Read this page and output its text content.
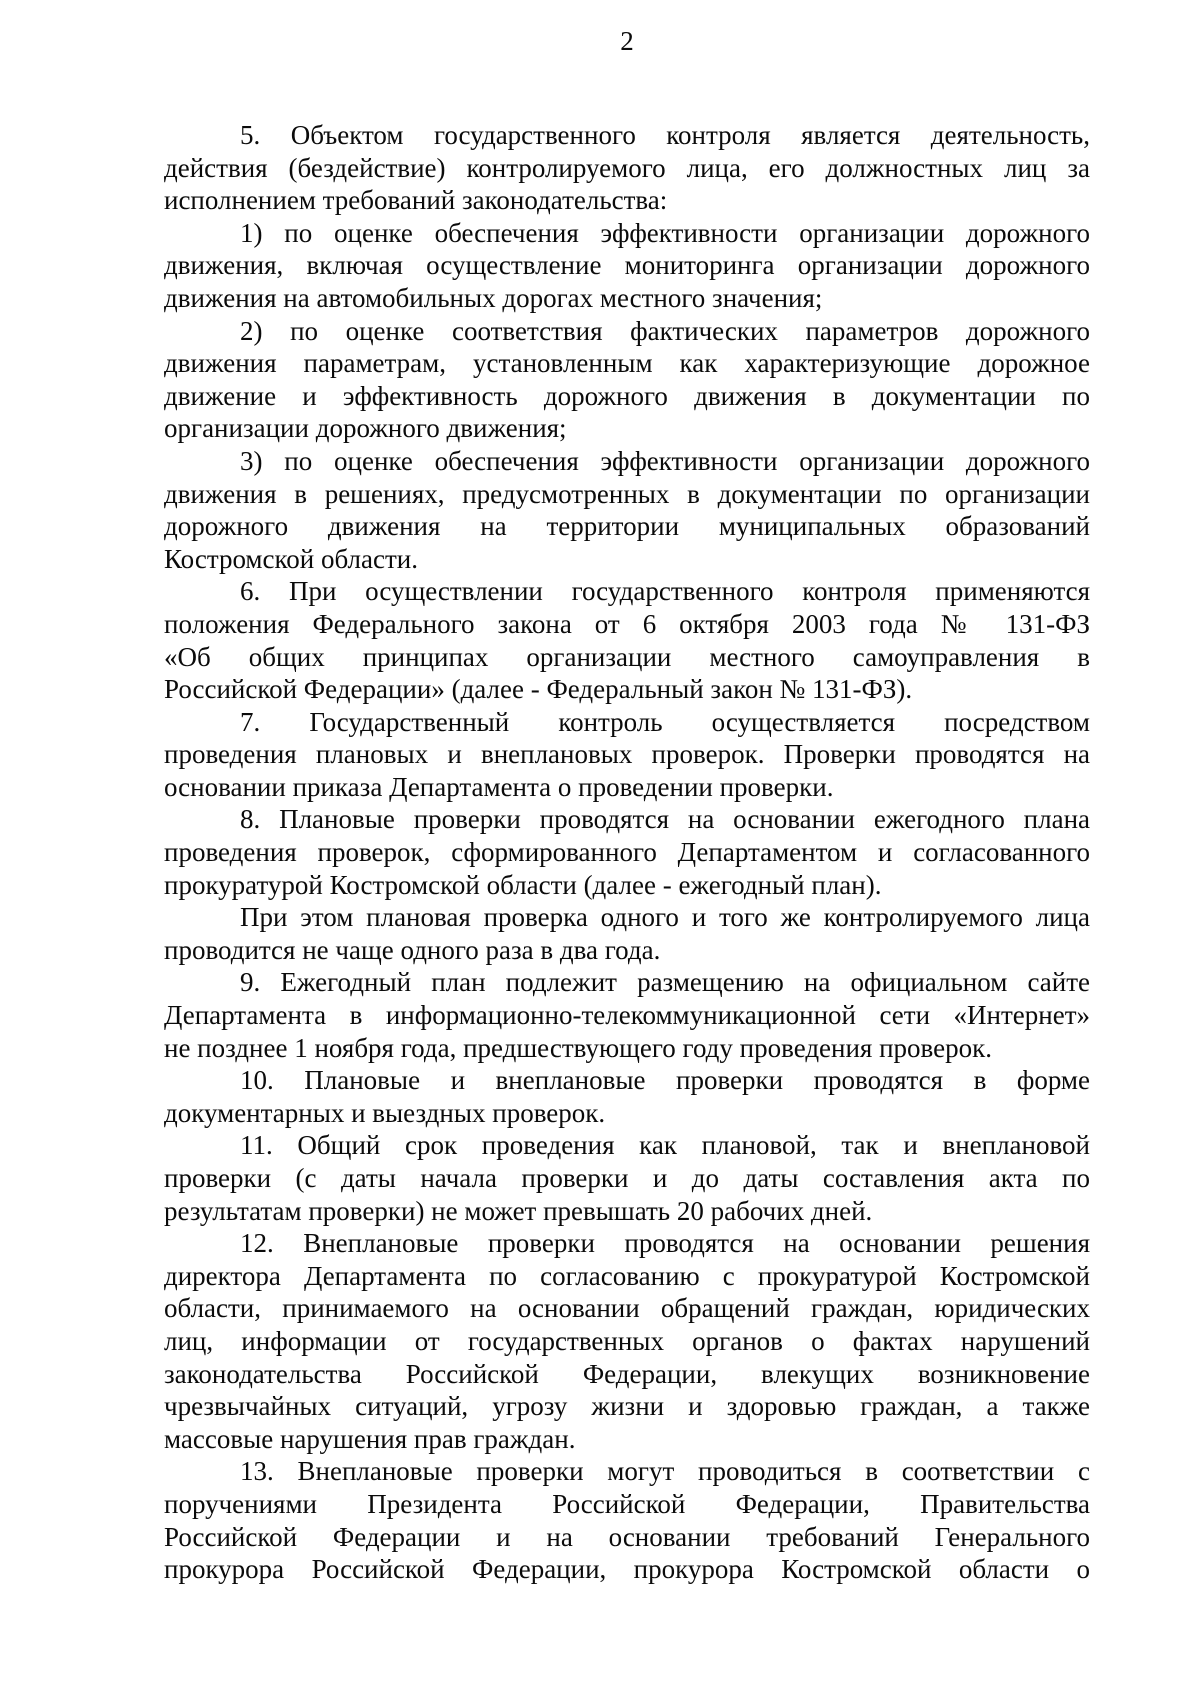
2
5. Объектом государственного контроля является деятельность,
действия (бездействие) контролируемого лица, его должностных лиц за
исполнением требований законодательства:
1) по оценке обеспечения эффективности организации дорожного
движения, включая осуществление мониторинга организации дорожного
движения на автомобильных дорогах местного значения;
2) по оценке соответствия фактических параметров дорожного
движения параметрам, установленным как характеризующие дорожное
движение и эффективность дорожного движения в документации по
организации дорожного движения;
3) по оценке обеспечения эффективности организации дорожного
движения в решениях, предусмотренных в документации по организации
дорожного движения на территории муниципальных образований
Костромской области.
6. При осуществлении государственного контроля применяются
положения Федерального закона от 6 октября 2003 года № 131-ФЗ
«Об общих принципах организации местного самоуправления в
Российской Федерации» (далее - Федеральный закон № 131-ФЗ).
7. Государственный контроль осуществляется посредством
проведения плановых и внеплановых проверок. Проверки проводятся на
основании приказа Департамента о проведении проверки.
8. Плановые проверки проводятся на основании ежегодного плана
проведения проверок, сформированного Департаментом и согласованного
прокуратурой Костромской области (далее - ежегодный план).
При этом плановая проверка одного и того же контролируемого лица
проводится не чаще одного раза в два года.
9. Ежегодный план подлежит размещению на официальном сайте
Департамента в информационно-телекоммуникационной сети «Интернет»
не позднее 1 ноября года, предшествующего году проведения проверок.
10. Плановые и внеплановые проверки проводятся в форме
документарных и выездных проверок.
11. Общий срок проведения как плановой, так и внеплановой
проверки (с даты начала проверки и до даты составления акта по
результатам проверки) не может превышать 20 рабочих дней.
12. Внеплановые проверки проводятся на основании решения
директора Департамента по согласованию с прокуратурой Костромской
области, принимаемого на основании обращений граждан, юридических
лиц, информации от государственных органов о фактах нарушений
законодательства Российской Федерации, влекущих возникновение
чрезвычайных ситуаций, угрозу жизни и здоровью граждан, а также
массовые нарушения прав граждан.
13. Внеплановые проверки могут проводиться в соответствии с
поручениями Президента Российской Федерации, Правительства
Российской Федерации и на основании требований Генерального
прокурора Российской Федерации, прокурора Костромской области о
